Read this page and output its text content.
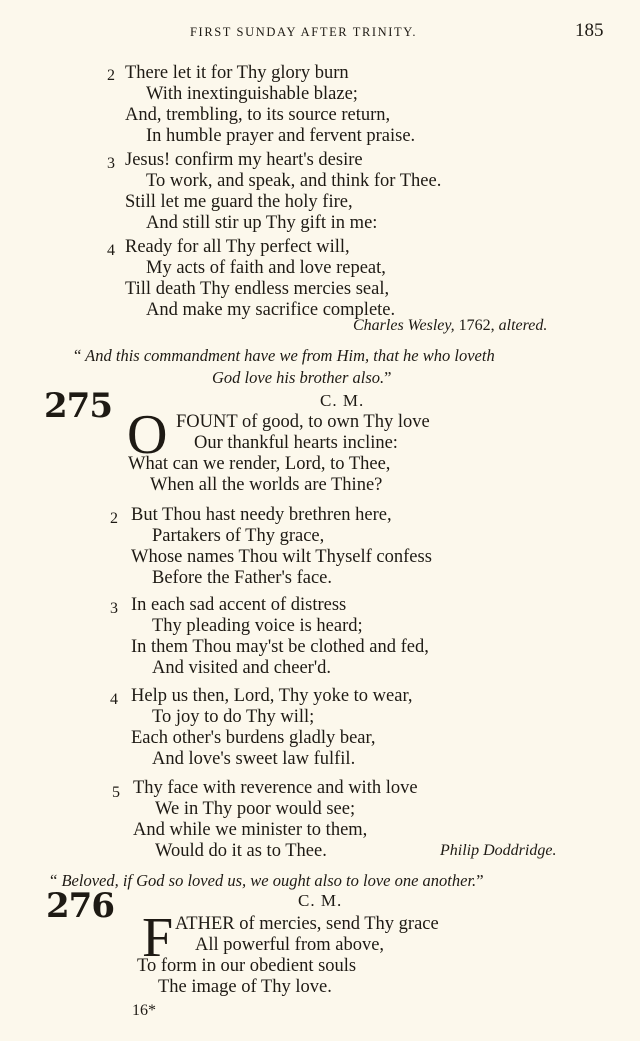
FIRST SUNDAY AFTER TRINITY.	185
2 There let it for Thy glory burn
With inextinguishable blaze;
And, trembling, to its source return,
In humble prayer and fervent praise.
3 Jesus! confirm my heart's desire
To work, and speak, and think for Thee.
Still let me guard the holy fire,
And still stir up Thy gift in me:
4 Ready for all Thy perfect will,
My acts of faith and love repeat,
Till death Thy endless mercies seal,
And make my sacrifice complete.
Charles Wesley, 1762, altered.
“ And this commandment have we from Him, that he who loveth
God love his brother also.”
275	C. M.
O FOUNT of good, to own Thy love
Our thankful hearts incline:
What can we render, Lord, to Thee,
When all the worlds are Thine?
2 But Thou hast needy brethren here,
Partakers of Thy grace,
Whose names Thou wilt Thyself confess
Before the Father's face.
3 In each sad accent of distress
Thy pleading voice is heard;
In them Thou may'st be clothed and fed,
And visited and cheer'd.
4 Help us then, Lord, Thy yoke to wear,
To joy to do Thy will;
Each other's burdens gladly bear,
And love's sweet law fulfil.
5 Thy face with reverence and with love
We in Thy poor would see;
And while we minister to them,
Would do it as to Thee.	Philip Doddridge.
“ Beloved, if God so loved us, we ought also to love one another.”
276	C. M.
F ATHER of mercies, send Thy grace
All powerful from above,
To form in our obedient souls
The image of Thy love.
16*
